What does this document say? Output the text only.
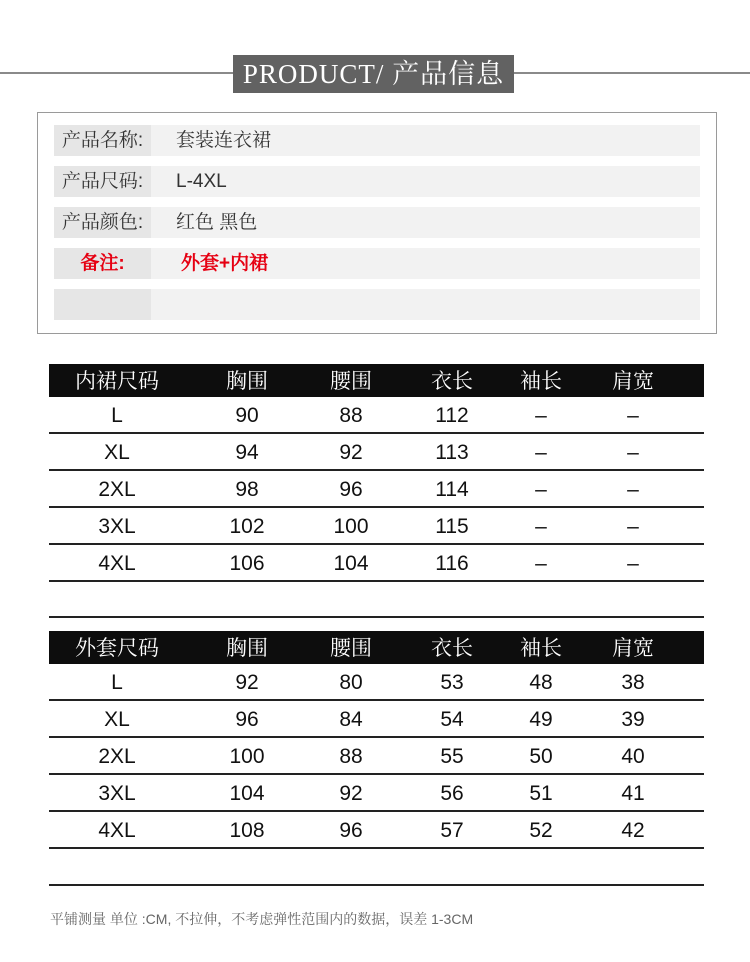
PRODUCT/ 产品信息
产品名称:	套装连衣裙
产品尺码:	L-4XL
产品颜色:	红色 黑色
备注:	外套+内裙
内裙尺码	胸围	腰围	衣长	袖长	肩宽
L	90	88	112	–	–
XL	94	92	113	–	–
2XL	98	96	114	–	–
3XL	102	100	115	–	–
4XL	106	104	116	–	–
外套尺码	胸围	腰围	衣长	袖长	肩宽
L	92	80	53	48	38
XL	96	84	54	49	39
2XL	100	88	55	50	40
3XL	104	92	56	51	41
4XL	108	96	57	52	42
平铺测量 单位 :CM, 不拉伸，不考虑弹性范围内的数据，误差 1-3CM
